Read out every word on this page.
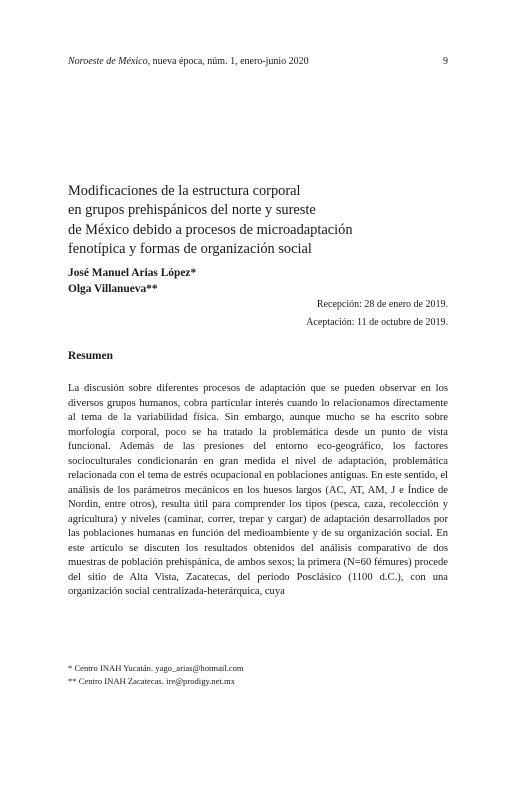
Noroeste de México, nueva época, núm. 1, enero-junio 2020	9
Modificaciones de la estructura corporal
en grupos prehispánicos del norte y sureste
de México debido a procesos de microadaptación
fenotípica y formas de organización social
José Manuel Arias López*
Olga Villanueva**
Recepción: 28 de enero de 2019.
Aceptación: 11 de octubre de 2019.
Resumen
La discusión sobre diferentes procesos de adaptación que se pueden observar en los diversos grupos humanos, cobra particular interés cuando lo relacionamos directamente al tema de la variabilidad física. Sin embargo, aunque mucho se ha escrito sobre morfología corporal, poco se ha tratado la problemática desde un punto de vista funcional. Además de las presiones del entorno eco-geográfico, los factores socioculturales condicionarán en gran medida el nivel de adaptación, problemática relacionada con el tema de estrés ocupacional en poblaciones antiguas. En este sentido, el análisis de los parámetros mecánicos en los huesos largos (AC, AT, AM, J e Índice de Nordin, entre otros), resulta útil para comprender los tipos (pesca, caza, recolección y agricultura) y niveles (caminar, correr, trepar y cargar) de adaptación desarrollados por las poblaciones humanas en función del medioambiente y de su organización social. En este artículo se discuten los resultados obtenidos del análisis comparativo de dos muestras de población prehispánica, de ambos sexos; la primera (N=60 fémures) procede del sitio de Alta Vista, Zacatecas, del periodo Posclásico (1100 d.C.), con una organización social centralizada-heterárquica, cuya
* Centro INAH Yucatán. yago_arias@hotmail.com
** Centro INAH Zacatecas. ire@prodigy.net.mx
